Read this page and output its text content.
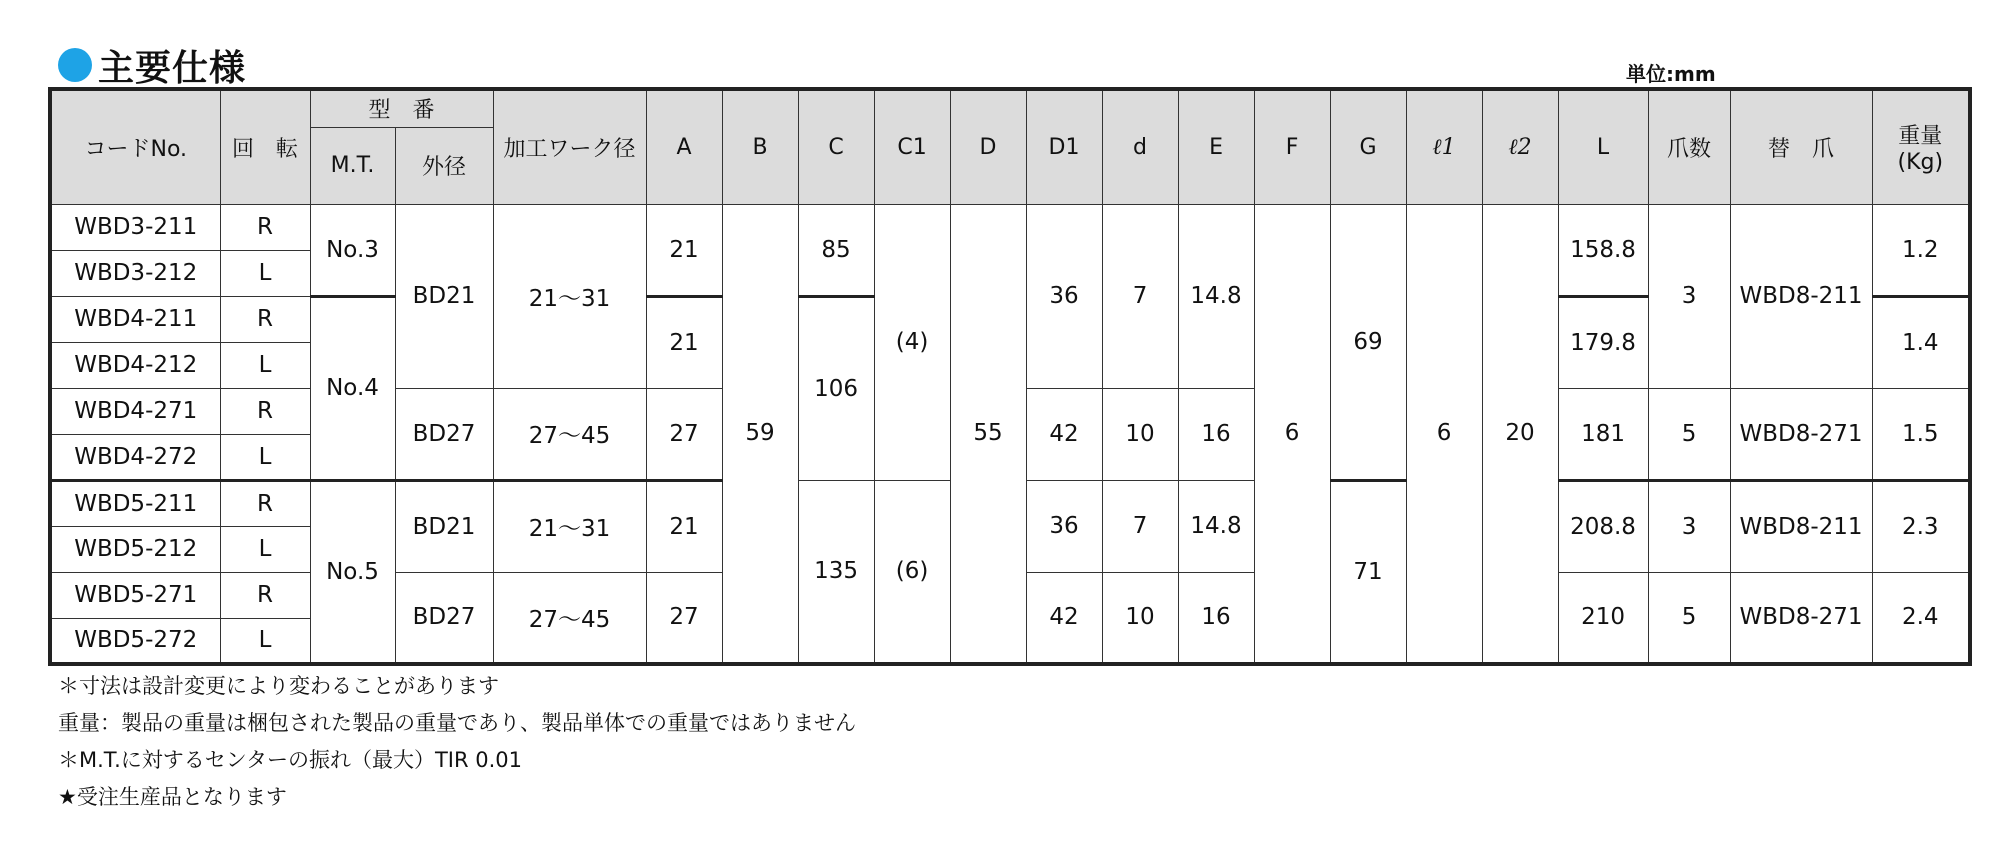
主要仕様	単位:mm
コードNo.	回　転	型　番		加工ワーク径	A	B	C	C1	D	D1	d	E	F	G	ℓ1	ℓ2	L	爪数	替　爪	重量
(Kg)

		M.T.	外径																	
WBD3-211	R	No.3	BD21	21～31	21	59	85	(4)	55	36	7	14.8	6	69	6	20	158.8	3	WBD8-211	1.2
WBD3-212	L																			
WBD4-211	R	No.4			21		106										179.8			1.4
WBD4-212	L																			
WBD4-271	R		BD27	27～45	27					42	10	16					181	5	WBD8-271	1.5
WBD4-272	L																			
WBD5-211	R	No.5	BD21	21～31	21		135	(6)		36	7	14.8		71			208.8	3	WBD8-211	2.3
WBD5-212	L																			
WBD5-271	R		BD27	27～45	27					42	10	16					210	5	WBD8-271	2.4
WBD5-272	L																			
＊寸法は設計変更により変わることがあります
重量：製品の重量は梱包された製品の重量であり、製品単体での重量ではありません
＊M.T.に対するセンターの振れ（最大）TIR 0.01
★受注生産品となります
